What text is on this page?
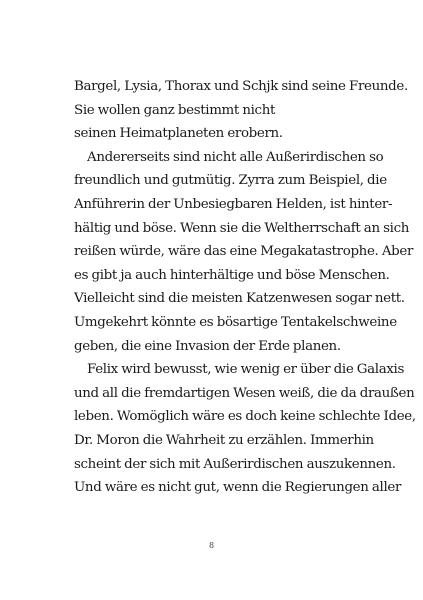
Bargel, Lysia, Thorax und Schjk sind seine Freunde.
Sie wollen ganz bestimmt nicht
seinen Heimatplaneten erobern.
Andererseits sind nicht alle Außerirdischen so
freundlich und gutmütig. Zyrra zum Beispiel, die
Anführerin der Unbesiegbaren Helden, ist hinter-
hältig und böse. Wenn sie die Weltherrschaft an sich
reißen würde, wäre das eine Megakatastrophe. Aber
es gibt ja auch hinterhältige und böse Menschen.
Vielleicht sind die meisten Katzenwesen sogar nett.
Umgekehrt könnte es bösartige Tentakelschweine
geben, die eine Invasion der Erde planen.
Felix wird bewusst, wie wenig er über die Galaxis
und all die fremdartigen Wesen weiß, die da draußen
leben. Womöglich wäre es doch keine schlechte Idee,
Dr. Moron die Wahrheit zu erzählen. Immerhin
scheint der sich mit Außerirdischen auszukennen.
Und wäre es nicht gut, wenn die Regierungen aller
8
